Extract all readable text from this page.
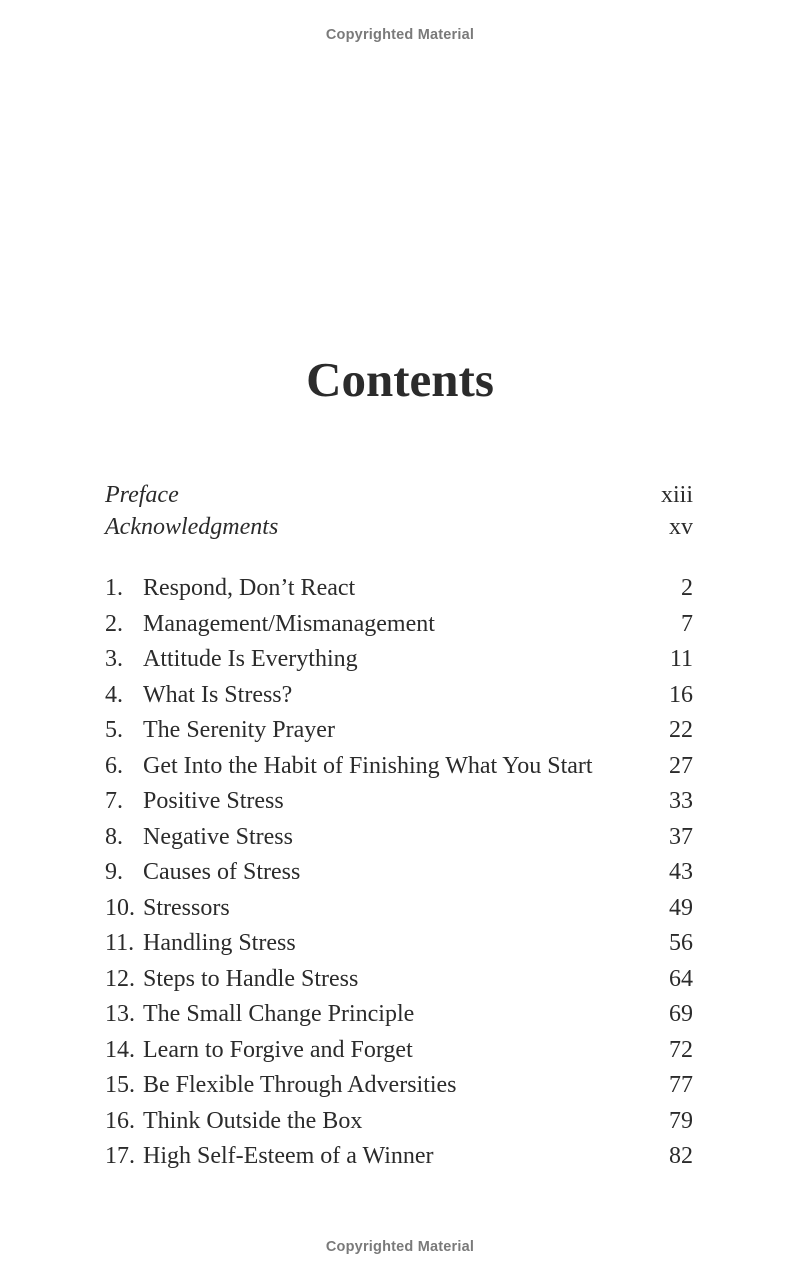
Copyrighted Material
Contents
Preface	xiii
Acknowledgments	xv
1. Respond, Don’t React	2
2. Management/Mismanagement	7
3. Attitude Is Everything	11
4. What Is Stress?	16
5. The Serenity Prayer	22
6. Get Into the Habit of Finishing What You Start	27
7. Positive Stress	33
8. Negative Stress	37
9. Causes of Stress	43
10. Stressors	49
11. Handling Stress	56
12. Steps to Handle Stress	64
13. The Small Change Principle	69
14. Learn to Forgive and Forget	72
15. Be Flexible Through Adversities	77
16. Think Outside the Box	79
17. High Self-Esteem of a Winner	82
Copyrighted Material
